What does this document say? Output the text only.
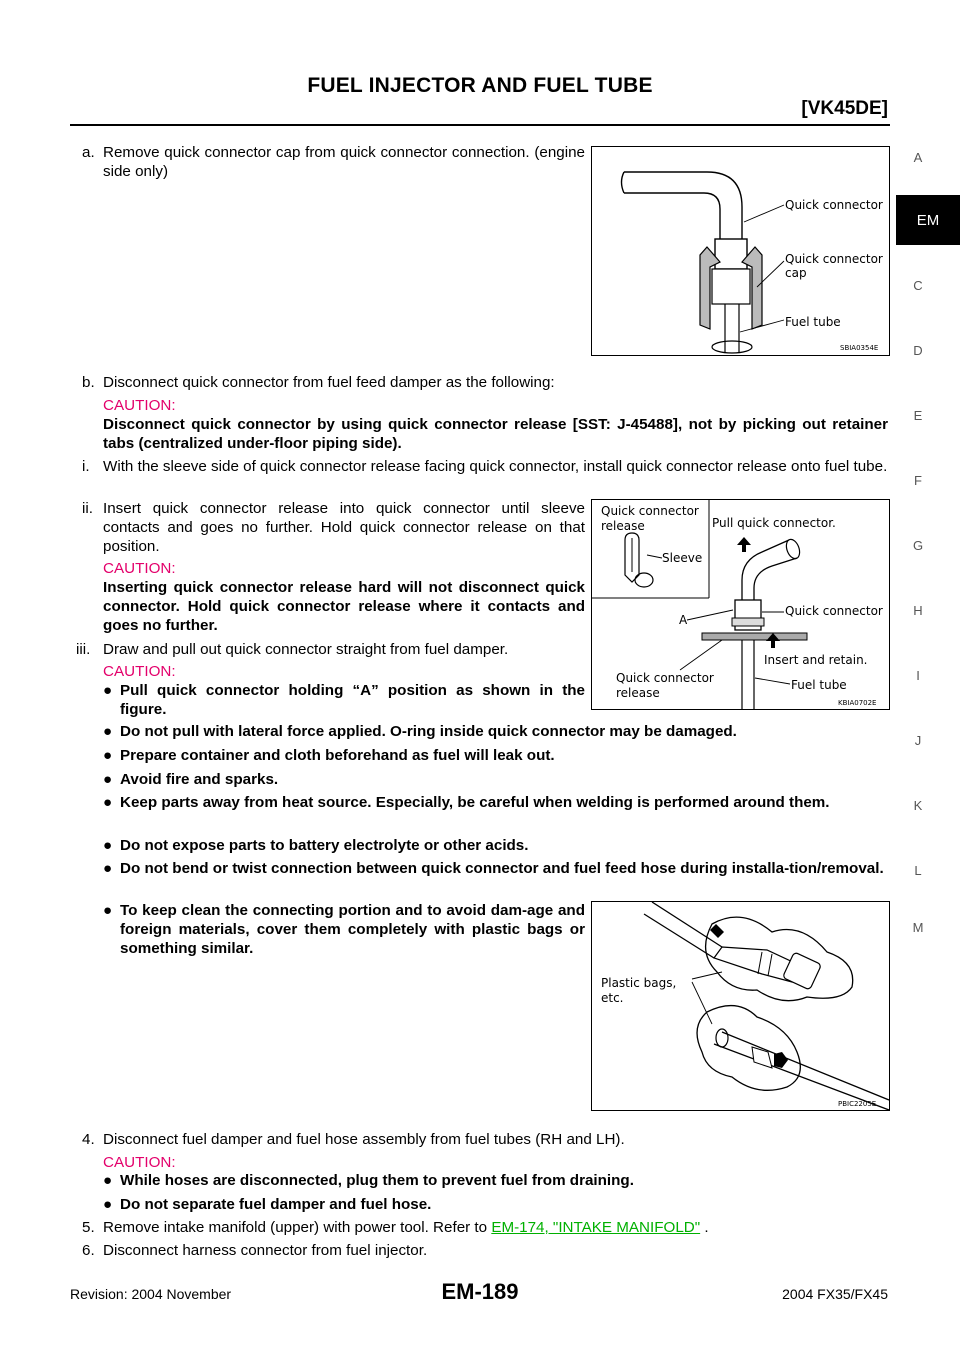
FUEL INJECTOR AND FUEL TUBE
[VK45DE]
A
EM
C
D
E
F
G
H
I
J
K
L
M
a. Remove quick connector cap from quick connector connection. (engine side only)
Quick connector
Quick connector
cap
Fuel tube
SBIA0354E
b. Disconnect quick connector from fuel feed damper as the following:
CAUTION:
Disconnect quick connector by using quick connector release [SST: J-45488], not by picking out retainer tabs (centralized under-floor piping side).
i. With the sleeve side of quick connector release facing quick connector, install quick connector release onto fuel tube.
ii. Insert quick connector release into quick connector until sleeve contacts and goes no further. Hold quick connector release on that position.
CAUTION:
Inserting quick connector release hard will not disconnect quick connector. Hold quick connector release where it contacts and goes no further.
Quick connector
release
Sleeve
Pull quick connector.
A
Quick connector
Insert and retain.
Quick connector
release
Fuel tube
KBIA0702E
iii. Draw and pull out quick connector straight from fuel damper.
CAUTION:
● Pull quick connector holding “A” position as shown in the figure.
● Do not pull with lateral force applied. O-ring inside quick connector may be damaged.
● Prepare container and cloth beforehand as fuel will leak out.
● Avoid fire and sparks.
● Keep parts away from heat source. Especially, be careful when welding is performed around them.
● Do not expose parts to battery electrolyte or other acids.
● Do not bend or twist connection between quick connector and fuel feed hose during installa-tion/removal.
● To keep clean the connecting portion and to avoid dam-age and foreign materials, cover them completely with plastic bags or something similar.
Plastic bags,
etc.
PBIC2205E
4. Disconnect fuel damper and fuel hose assembly from fuel tubes (RH and LH).
CAUTION:
● While hoses are disconnected, plug them to prevent fuel from draining.
● Do not separate fuel damper and fuel hose.
5. Remove intake manifold (upper) with power tool. Refer to EM-174, "INTAKE MANIFOLD" .
6. Disconnect harness connector from fuel injector.
Revision: 2004 November	EM-189	2004 FX35/FX45
